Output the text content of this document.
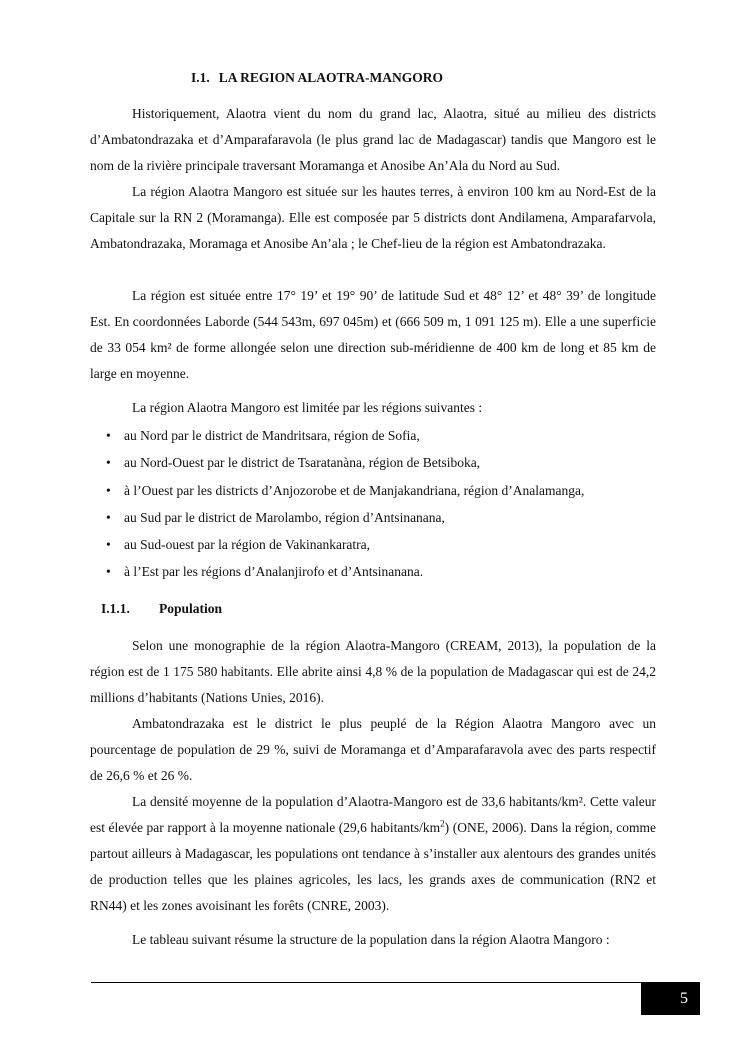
I.1. LA REGION ALAOTRA-MANGORO

Historiquement, Alaotra vient du nom du grand lac, Alaotra, situé au milieu des districts d’Ambatondrazaka et d’Amparafaravola (le plus grand lac de Madagascar) tandis que Mangoro est le nom de la rivière principale traversant Moramanga et Anosibe An’Ala du Nord au Sud.

La région Alaotra Mangoro est située sur les hautes terres, à environ 100 km au Nord-Est de la Capitale sur la RN 2 (Moramanga). Elle est composée par 5 districts dont Andilamena, Amparafarvola, Ambatondrazaka, Moramaga et Anosibe An’ala ; le Chef-lieu de la région est Ambatondrazaka.

La région est située entre 17° 19’ et 19° 90’ de latitude Sud et 48° 12’ et 48° 39’ de longitude Est. En coordonnées Laborde (544 543m, 697 045m) et (666 509 m, 1 091 125 m). Elle a une superficie de 33 054 km² de forme allongée selon une direction sub-méridienne de 400 km de long et 85 km de large en moyenne.

La région Alaotra Mangoro est limitée par les régions suivantes :

• au Nord par le district de Mandritsara, région de Sofia,
• au Nord-Ouest par le district de Tsaratanàna, région de Betsiboka,
• à l’Ouest par les districts d’Anjozorobe et de Manjakandriana, région d’Analamanga,
• au Sud par le district de Marolambo, région d’Antsinanana,
• au Sud-ouest par la région de Vakinankaratra,
• à l’Est par les régions d’Analanjirofo et d’Antsinanana.
I.1.1. Population

Selon une monographie de la région Alaotra-Mangoro (CREAM, 2013), la population de la région est de 1 175 580 habitants. Elle abrite ainsi 4,8 % de la population de Madagascar qui est de 24,2 millions d’habitants (Nations Unies, 2016).

Ambatondrazaka est le district le plus peuplé de la Région Alaotra Mangoro avec un pourcentage de population de 29 %, suivi de Moramanga et d’Amparafaravola avec des parts respectif de 26,6 % et 26 %.

La densité moyenne de la population d’Alaotra-Mangoro est de 33,6 habitants/km². Cette valeur est élevée par rapport à la moyenne nationale (29,6 habitants/$km^2$) (ONE, 2006). Dans la région, comme partout ailleurs à Madagascar, les populations ont tendance à s’installer aux alentours des grandes unités de production telles que les plaines agricoles, les lacs, les grands axes de communication (RN2 et RN44) et les zones avoisinant les forêts (CNRE, 2003).

Le tableau suivant résume la structure de la population dans la région Alaotra Mangoro :

5
